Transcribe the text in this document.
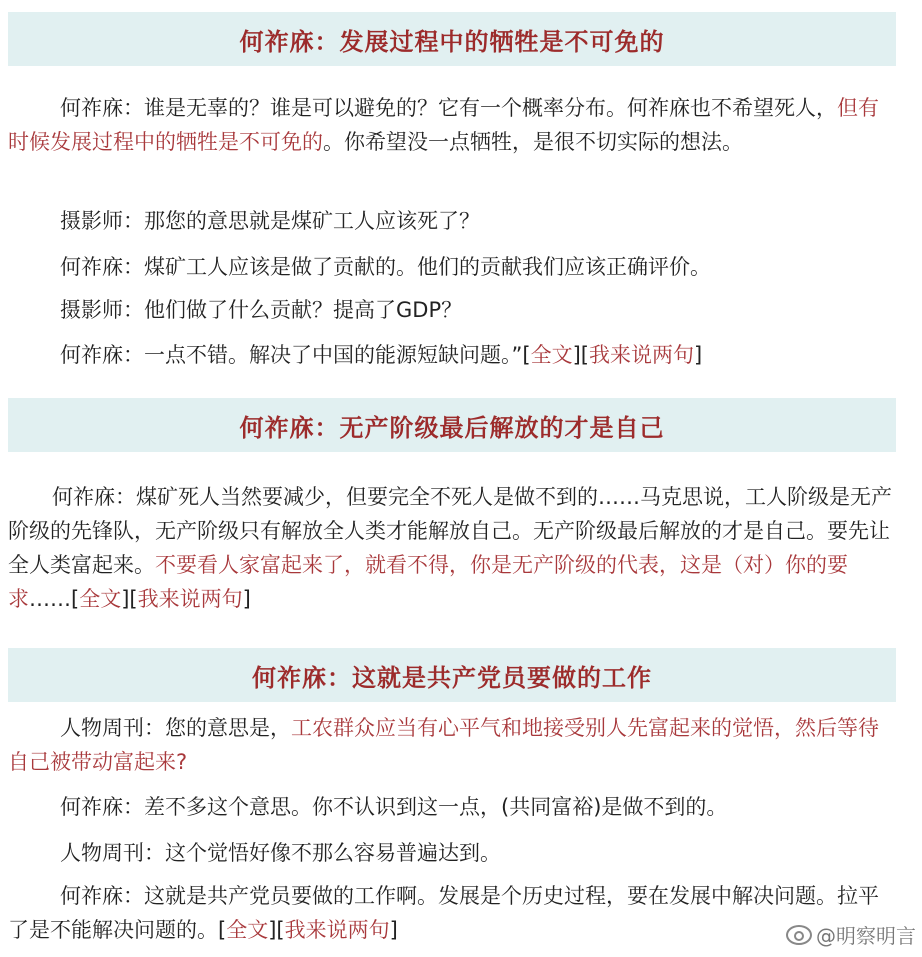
何祚庥：发展过程中的牺牲是不可免的

何祚庥：谁是无辜的？谁是可以避免的？它有一个概率分布。何祚庥也不希望死人，但有时候发展过程中的牺牲是不可免的。你希望没一点牺牲，是很不切实际的想法。

摄影师：那您的意思就是煤矿工人应该死了？

何祚庥：煤矿工人应该是做了贡献的。他们的贡献我们应该正确评价。

摄影师：他们做了什么贡献？提高了GDP？

何祚庥：一点不错。解决了中国的能源短缺问题。”[全文][我来说两句]

何祚庥：无产阶级最后解放的才是自己

何祚庥：煤矿死人当然要减少，但要完全不死人是做不到的……马克思说，工人阶级是无产阶级的先锋队，无产阶级只有解放全人类才能解放自己。无产阶级最后解放的才是自己。要先让全人类富起来。不要看人家富起来了，就看不得，你是无产阶级的代表，这是（对）你的要求……[全文][我来说两句]

何祚庥：这就是共产党员要做的工作

人物周刊：您的意思是，工农群众应当有心平气和地接受别人先富起来的觉悟，然后等待自己被带动富起来?

何祚庥：差不多这个意思。你不认识到这一点，(共同富裕)是做不到的。

人物周刊：这个觉悟好像不那么容易普遍达到。

何祚庥：这就是共产党员要做的工作啊。发展是个历史过程，要在发展中解决问题。拉平了是不能解决问题的。[全文][我来说两句]	@明察明言
